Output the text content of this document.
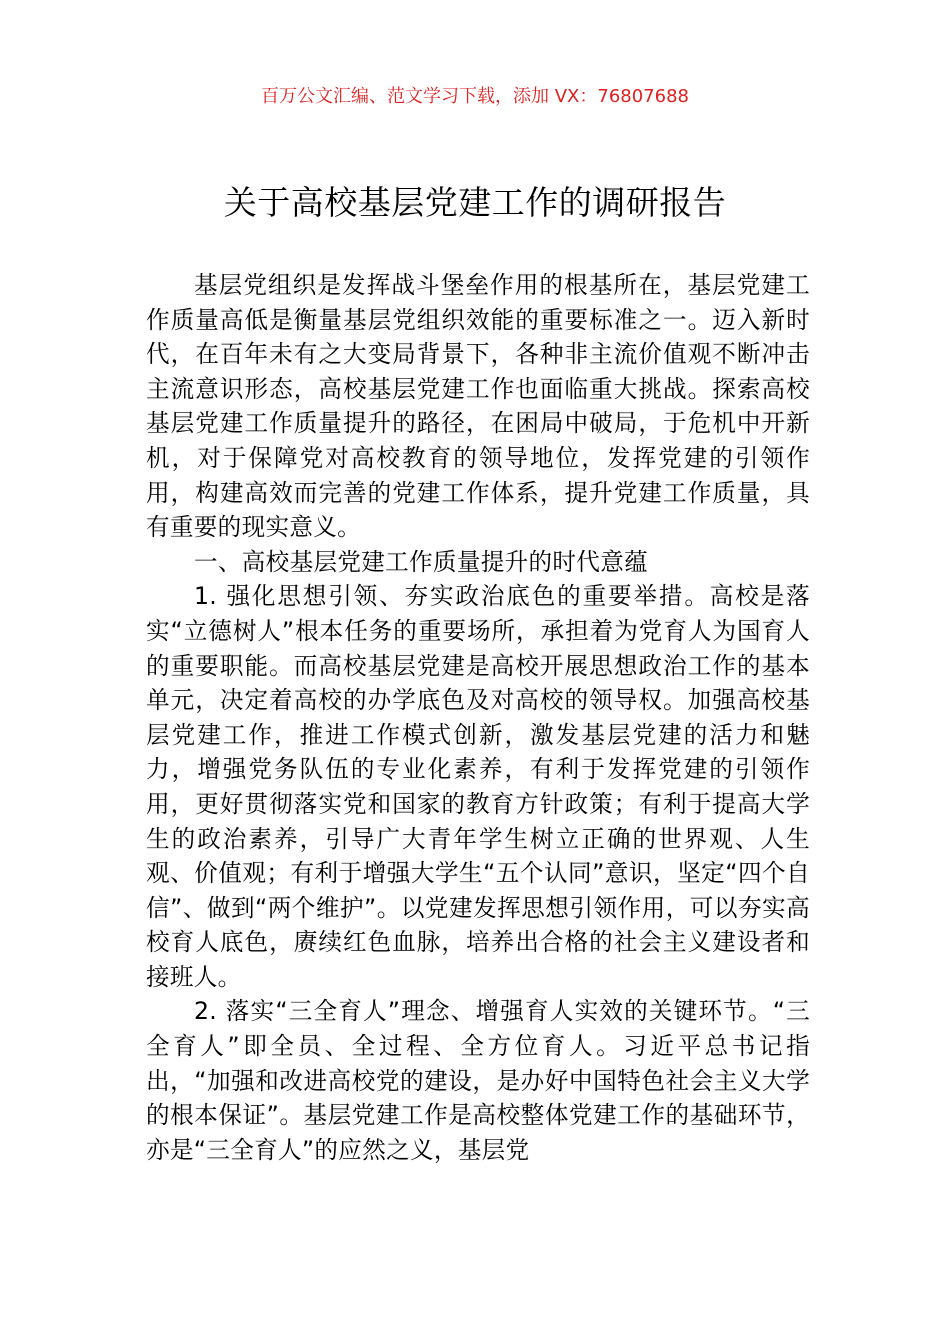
百万公文汇编、范文学习下载，添加 VX：76807688
关于高校基层党建工作的调研报告

基层党组织是发挥战斗堡垒作用的根基所在，基层党建工作质量高低是衡量基层党组织效能的重要标准之一。迈入新时代，在百年未有之大变局背景下，各种非主流价值观不断冲击主流意识形态，高校基层党建工作也面临重大挑战。探索高校基层党建工作质量提升的路径，在困局中破局，于危机中开新机，对于保障党对高校教育的领导地位，发挥党建的引领作用，构建高效而完善的党建工作体系，提升党建工作质量，具有重要的现实意义。

一、高校基层党建工作质量提升的时代意蕴

1. 强化思想引领、夯实政治底色的重要举措。高校是落实“立德树人”根本任务的重要场所，承担着为党育人为国育人的重要职能。而高校基层党建是高校开展思想政治工作的基本单元，决定着高校的办学底色及对高校的领导权。加强高校基层党建工作，推进工作模式创新，激发基层党建的活力和魅力，增强党务队伍的专业化素养，有利于发挥党建的引领作用，更好贯彻落实党和国家的教育方针政策；有利于提高大学生的政治素养，引导广大青年学生树立正确的世界观、人生观、价值观；有利于增强大学生“五个认同”意识，坚定“四个自信”、做到“两个维护”。以党建发挥思想引领作用，可以夯实高校育人底色，赓续红色血脉，培养出合格的社会主义建设者和接班人。

2. 落实“三全育人”理念、增强育人实效的关键环节。“三全育人”即全员、全过程、全方位育人。习近平总书记指出，“加强和改进高校党的建设，是办好中国特色社会主义大学的根本保证”。基层党建工作是高校整体党建工作的基础环节，亦是“三全育人”的应然之义，基层党
